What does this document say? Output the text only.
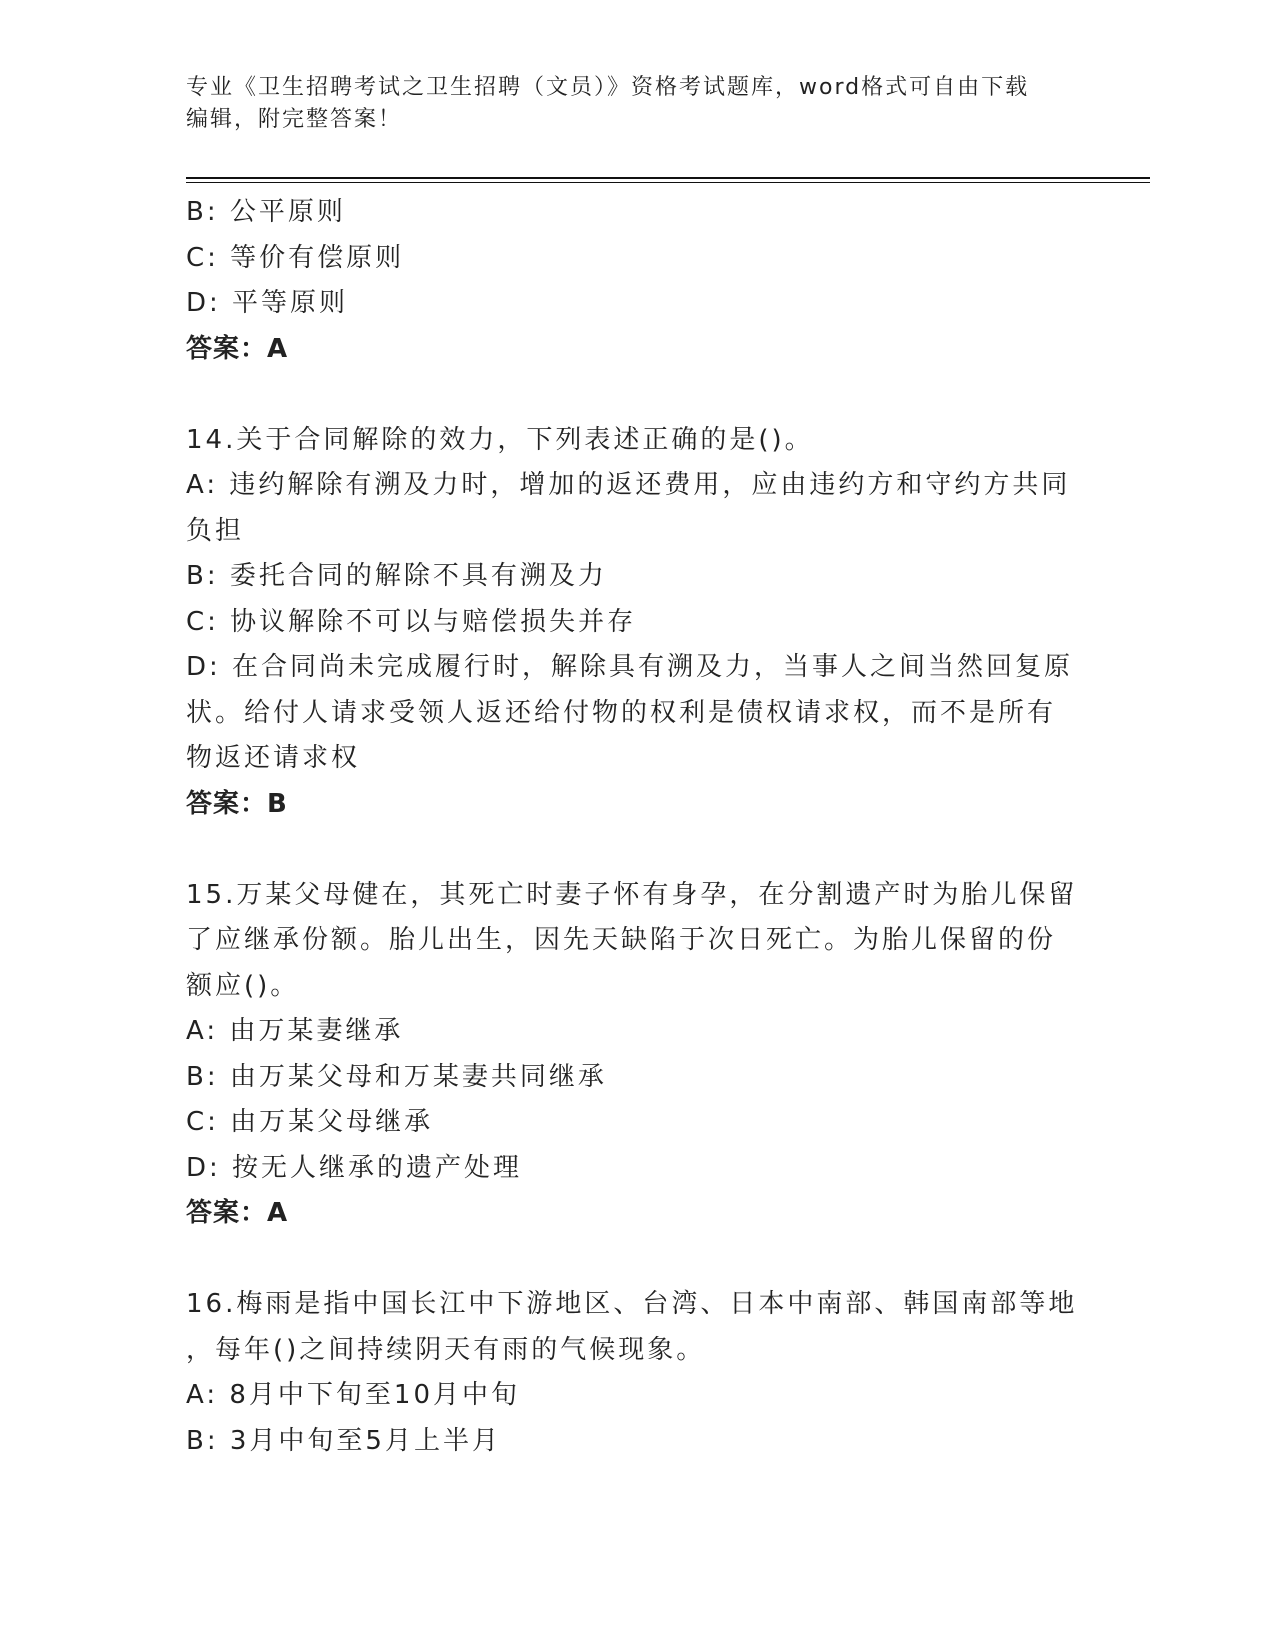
专业《卫生招聘考试之卫生招聘（文员）》资格考试题库，word格式可自由下载
编辑，附完整答案！
B: 公平原则
C: 等价有偿原则
D: 平等原则
答案：A
14.关于合同解除的效力，下列表述正确的是()。
A: 违约解除有溯及力时，增加的返还费用，应由违约方和守约方共同
负担
B: 委托合同的解除不具有溯及力
C: 协议解除不可以与赔偿损失并存
D: 在合同尚未完成履行时，解除具有溯及力，当事人之间当然回复原
状。给付人请求受领人返还给付物的权利是债权请求权，而不是所有
物返还请求权
答案：B
15.万某父母健在，其死亡时妻子怀有身孕，在分割遗产时为胎儿保留
了应继承份额。胎儿出生，因先天缺陷于次日死亡。为胎儿保留的份
额应()。
A: 由万某妻继承
B: 由万某父母和万某妻共同继承
C: 由万某父母继承
D: 按无人继承的遗产处理
答案：A
16.梅雨是指中国长江中下游地区、台湾、日本中南部、韩国南部等地
，每年()之间持续阴天有雨的气候现象。
A: 8月中下旬至10月中旬
B: 3月中旬至5月上半月
